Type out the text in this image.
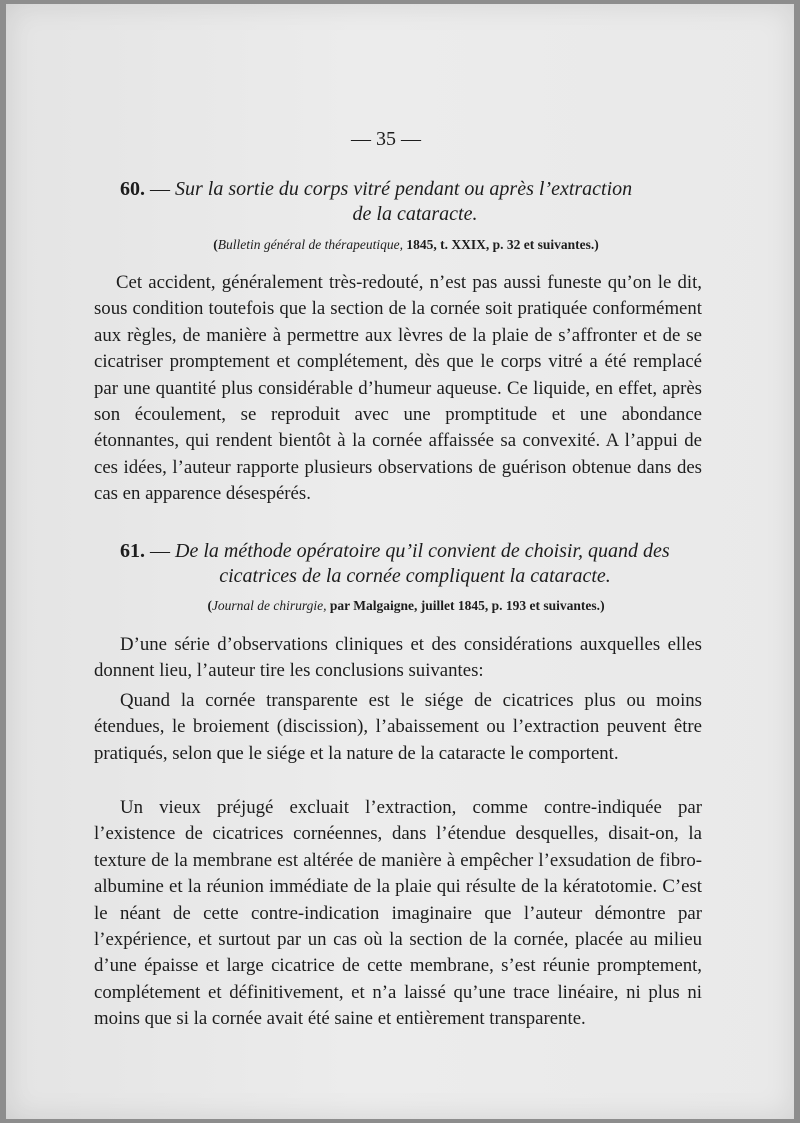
— 35 —
60. — Sur la sortie du corps vitré pendant ou après l’extraction
de la cataracte.
(Bulletin général de thérapeutique, 1845, t. XXIX, p. 32 et suivantes.)

Cet accident, généralement très-redouté, n’est pas aussi funeste qu’on le dit, sous condition toutefois que la section de la cornée soit pratiquée conformément aux règles, de manière à permettre aux lèvres de la plaie de s’affronter et de se cicatriser promptement et complétement, dès que le corps vitré a été remplacé par une quantité plus considérable d’humeur aqueuse. Ce liquide, en effet, après son écoulement, se reproduit avec une promptitude et une abondance étonnantes, qui rendent bientôt à la cornée affaissée sa convexité. A l’appui de ces idées, l’auteur rapporte plusieurs observations de guérison obtenue dans des cas en apparence désespérés.

61. — De la méthode opératoire qu’il convient de choisir, quand des
cicatrices de la cornée compliquent la cataracte.
(Journal de chirurgie, par Malgaigne, juillet 1845, p. 193 et suivantes.)

D’une série d’observations cliniques et des considérations auxquelles elles donnent lieu, l’auteur tire les conclusions suivantes:

Quand la cornée transparente est le siége de cicatrices plus ou moins étendues, le broiement (discission), l’abaissement ou l’extraction peuvent être pratiqués, selon que le siége et la nature de la cataracte le comportent.

Un vieux préjugé excluait l’extraction, comme contre-indiquée par l’existence de cicatrices cornéennes, dans l’étendue desquelles, disait-on, la texture de la membrane est altérée de manière à empêcher l’exsudation de fibro-albumine et la réunion immédiate de la plaie qui résulte de la kératotomie. C’est le néant de cette contre-indication imaginaire que l’auteur démontre par l’expérience, et surtout par un cas où la section de la cornée, placée au milieu d’une épaisse et large cicatrice de cette membrane, s’est réunie promptement, complétement et définitivement, et n’a laissé qu’une trace linéaire, ni plus ni moins que si la cornée avait été saine et entièrement transparente.
